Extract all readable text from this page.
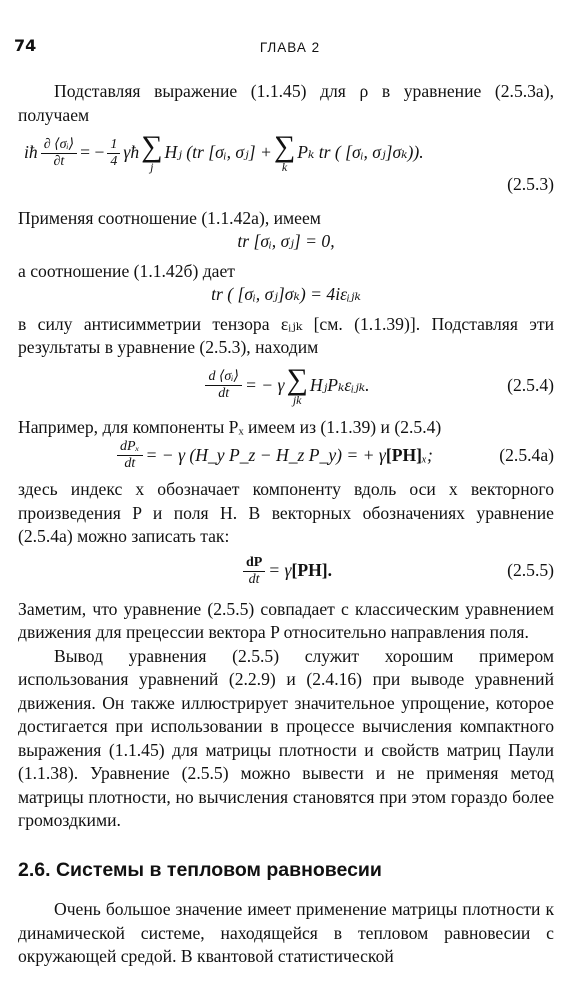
74	ГЛАВА 2

Подставляя выражение (1.1.45) для ρ в уравнение (2.5.3а), получаем

iħ $\frac{\text{∂ ⟨σᵢ⟩}}{\partial t}$ = − $\frac{1}{4}$ γħ ∑
j
Hⱼ (tr [σᵢ, σⱼ] + ∑
k
Pₖ tr ( [σᵢ, σⱼ]σₖ)).
(2.5.3)

Применяя соотношение (1.1.42а), имеем

tr [σᵢ, σⱼ] = 0,

а соотношение (1.1.42б) дает

tr ( [σᵢ, σⱼ]σₖ) = 4iεᵢⱼₖ

в силу антисимметрии тензора εᵢⱼₖ [см. (1.1.39)]. Подставляя эти результаты в уравнение (2.5.3), находим

$\frac{\text{d ⟨σᵢ⟩}}{dt}$ = − γ ∑
jk
HⱼPₖεᵢⱼₖ.	(2.5.4)

Например, для компоненты Pₓ имеем из (1.1.39) и (2.5.4)

$\frac{\text{dPₓ}}{dt}$ = − γ (H_y P_z − H_z P_y) = + γ [PH] ₓ;	(2.5.4а)

здесь индекс x обозначает компоненту вдоль оси x векторного произведения P и поля H. В векторных обозначениях уравнение (2.5.4а) можно записать так:

$\frac{dP}{dt} = \gamma$ [PH].	(2.5.5)

Заметим, что уравнение (2.5.5) совпадает с классическим уравнением движения для прецессии вектора P относительно направления поля.

Вывод уравнения (2.5.5) служит хорошим примером использования уравнений (2.2.9) и (2.4.16) при выводе уравнений движения. Он также иллюстрирует значительное упрощение, которое достигается при использовании в процессе вычисления компактного выражения (1.1.45) для матрицы плотности и свойств матриц Паули (1.1.38). Уравнение (2.5.5) можно вывести и не применяя метод матрицы плотности, но вычисления становятся при этом гораздо более громоздкими.

2.6. Системы в тепловом равновесии

Очень большое значение имеет применение матрицы плотности к динамической системе, находящейся в тепловом равновесии с окружающей средой. В квантовой статистической
